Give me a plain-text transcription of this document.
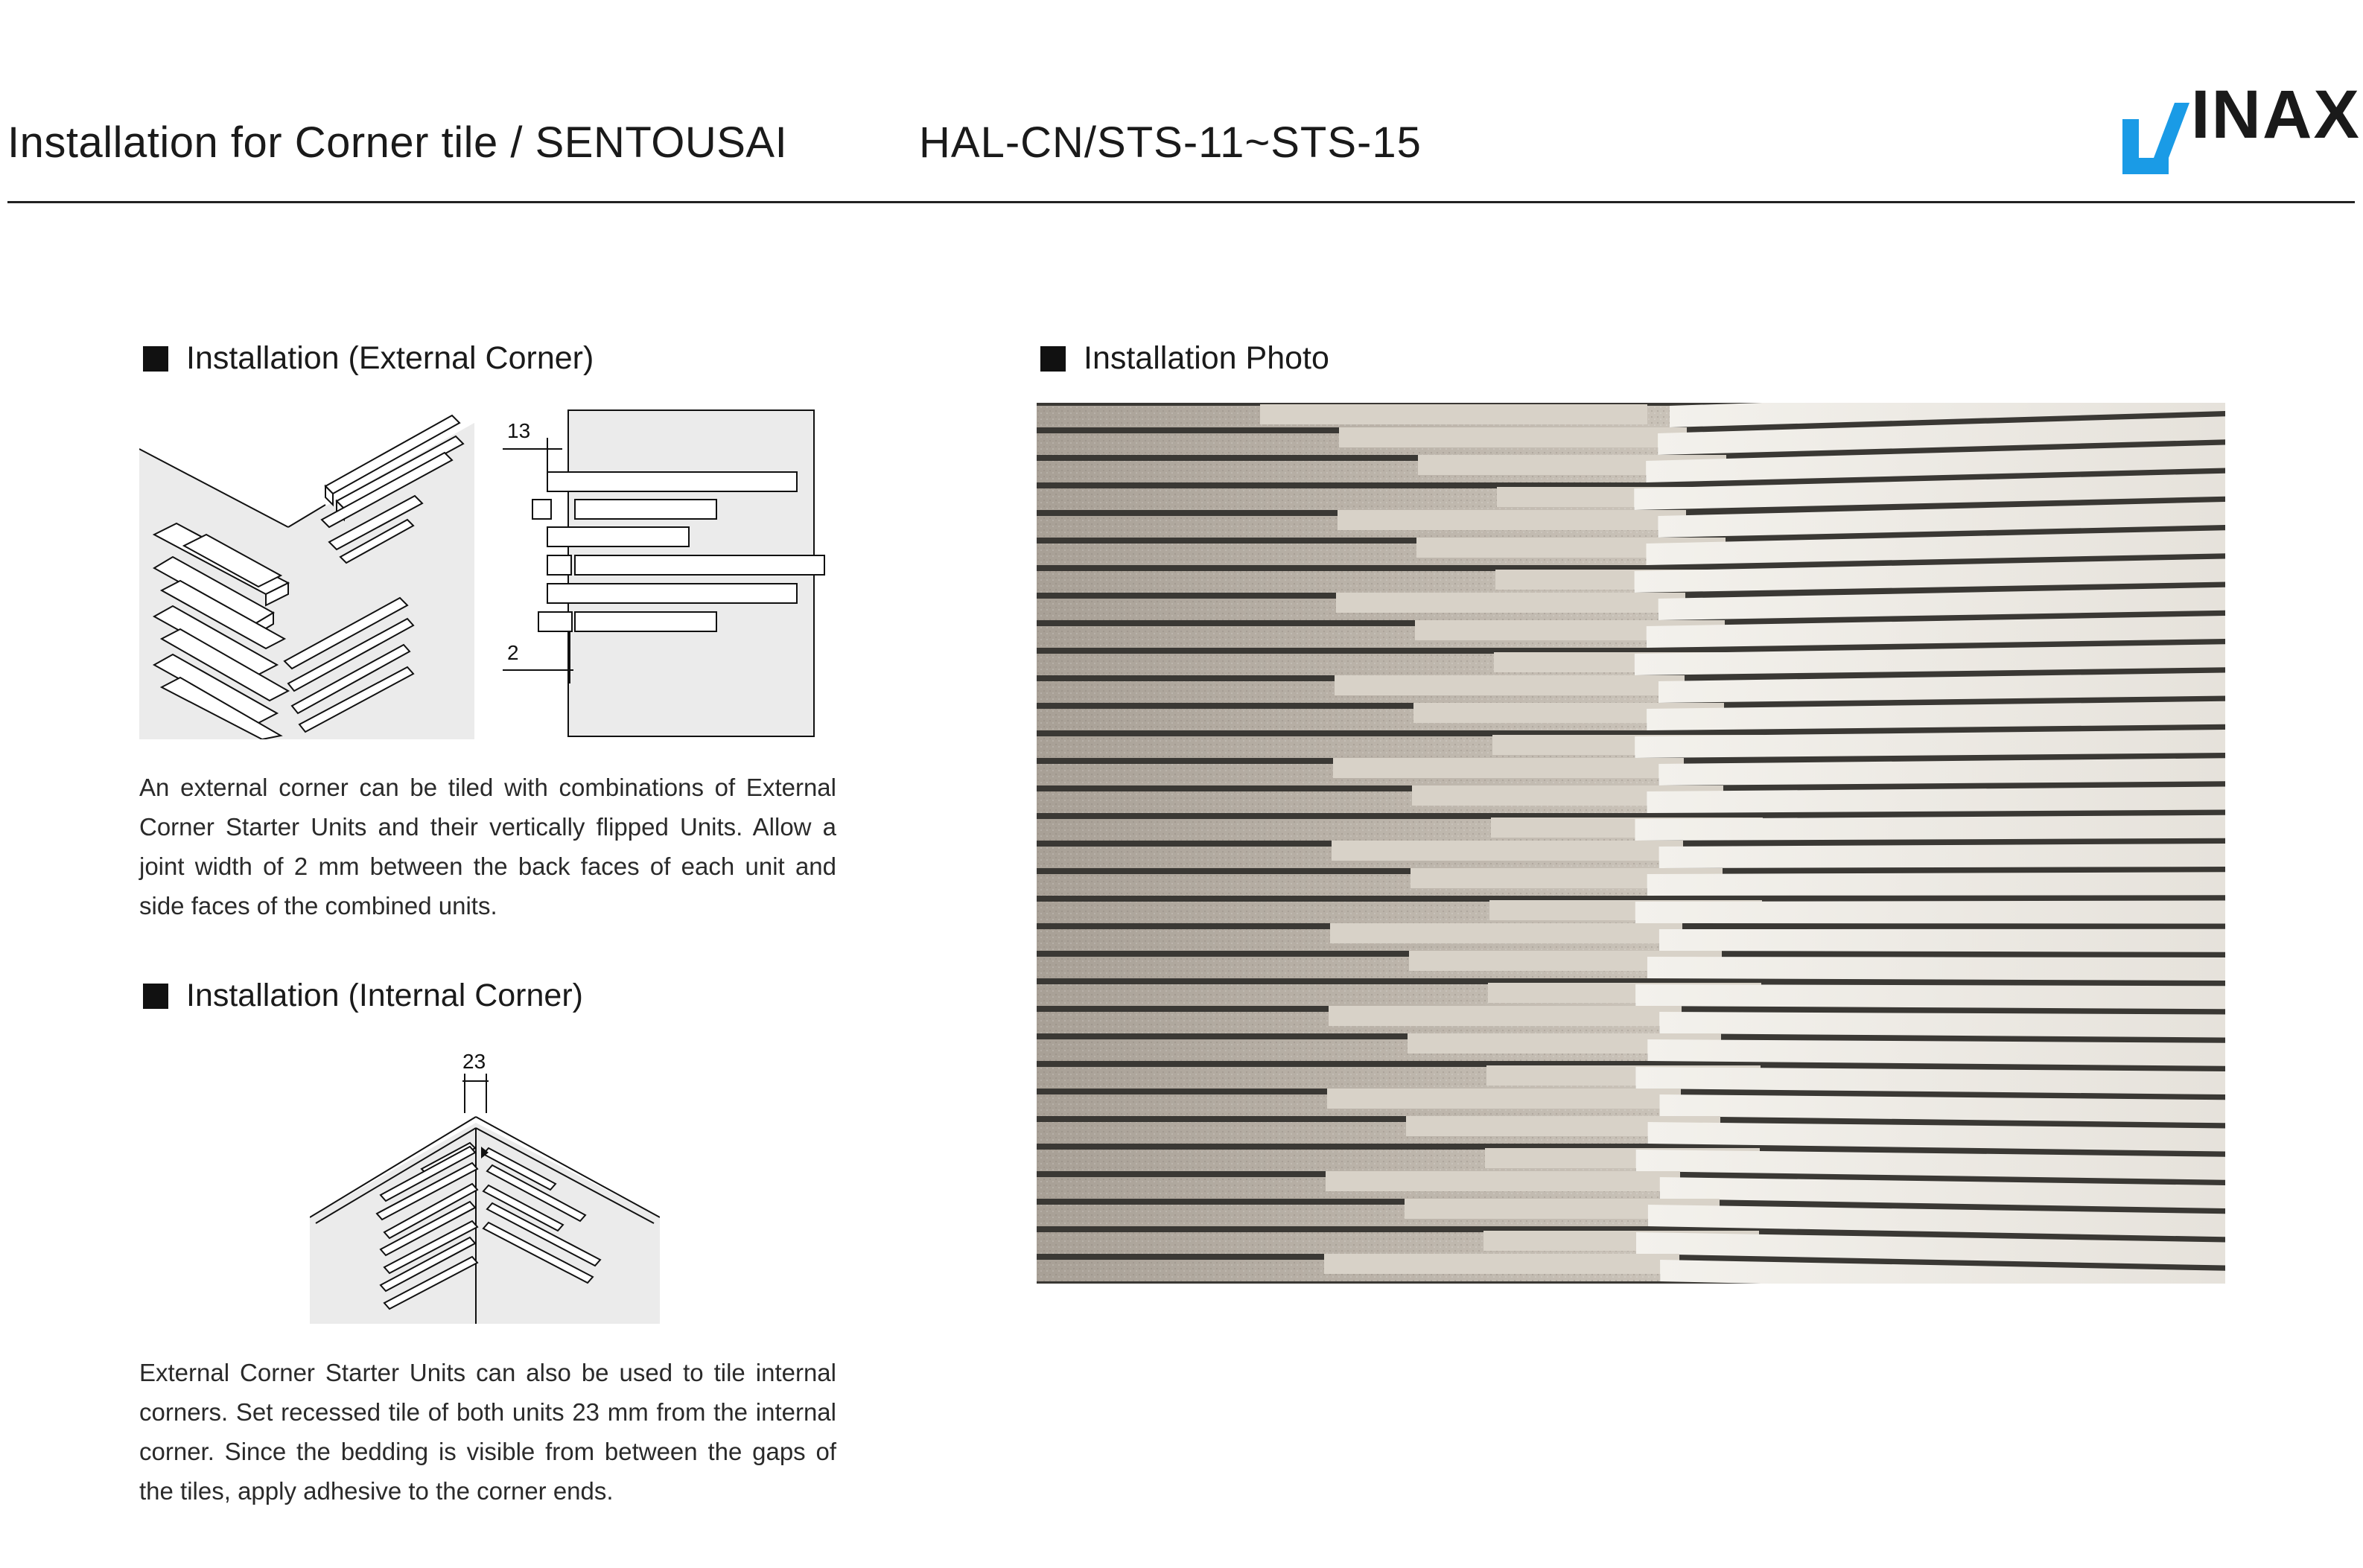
Installation for Corner tile / SENTOUSAI	HAL-CN/STS-11~STS-15	INAX
Installation (External Corner)
13
2
An external corner can be tiled with combinations of External Corner Starter Units and their vertically flipped Units. Allow a joint width of 2 mm between the back faces of each unit and side faces of the combined units.
Installation (Internal Corner)
23
External Corner Starter Units can also be used to tile internal corners. Set recessed tile of both units 23 mm from the internal corner. Since the bedding is visible from between the gaps of the tiles, apply adhesive to the corner ends.
Installation Photo
